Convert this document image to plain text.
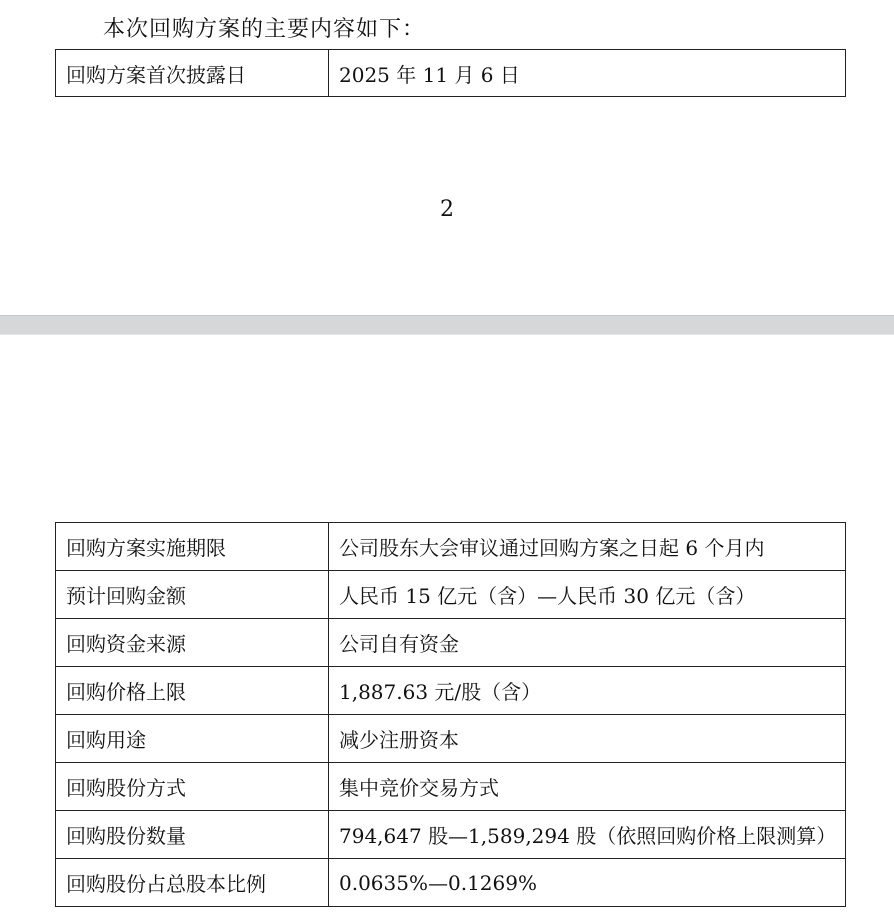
本次回购方案的主要内容如下：
回购方案首次披露日	2025 年 11 月 6 日
2
回购方案实施期限	公司股东大会审议通过回购方案之日起 6 个月内
预计回购金额	人民币 15 亿元（含）—人民币 30 亿元（含）
回购资金来源	公司自有资金
回购价格上限	1,887.63 元/股（含）
回购用途	减少注册资本
回购股份方式	集中竞价交易方式
回购股份数量	794,647 股—1,589,294 股（依照回购价格上限测算）
回购股份占总股本比例	0.0635%—0.1269%
